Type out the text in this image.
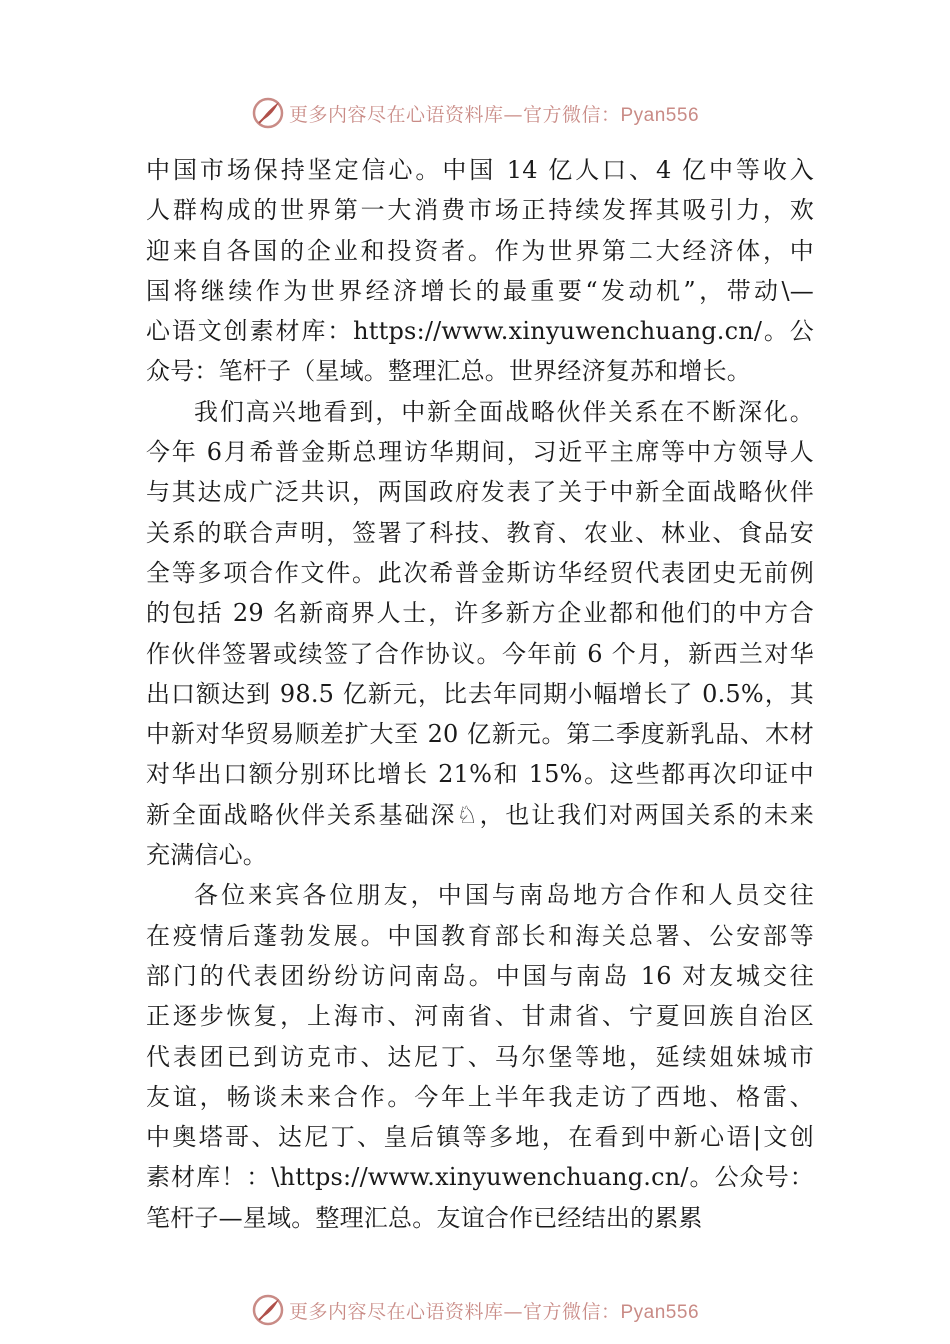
更多内容尽在心语资料库—官方微信：Pyan556
中国市场保持坚定信心。中国 14 亿人口、4 亿中等收入
人群构成的世界第一大消费市场正持续发挥其吸引力，欢
迎来自各国的企业和投资者。作为世界第二大经济体，中
国将继续作为世界经济增长的最重要“发动机”，带动\—
心语文创素材库：https://www.xinyuwenchuang.cn/。公
众号：笔杆子（星域。整理汇总。世界经济复苏和增长。
我们高兴地看到，中新全面战略伙伴关系在不断深化。
今年 6月希普金斯总理访华期间，习近平主席等中方领导人
与其达成广泛共识，两国政府发表了关于中新全面战略伙伴
关系的联合声明，签署了科技、教育、农业、林业、食品安
全等多项合作文件。此次希普金斯访华经贸代表团史无前例
的包括 29 名新商界人士，许多新方企业都和他们的中方合
作伙伴签署或续签了合作协议。今年前 6 个月，新西兰对华
出口额达到 98.5 亿新元，比去年同期小幅增长了 0.5%，其
中新对华贸易顺差扩大至 20 亿新元。第二季度新乳品、木材
对华出口额分别环比增长 21%和 15%。这些都再次印证中
新全面战略伙伴关系基础深♘，也让我们对两国关系的未来
充满信心。
各位来宾各位朋友，中国与南岛地方合作和人员交往
在疫情后蓬勃发展。中国教育部长和海关总署、公安部等
部门的代表团纷纷访问南岛。中国与南岛 16 对友城交往
正逐步恢复，上海市、河南省、甘肃省、宁夏回族自治区
代表团已到访克市、达尼丁、马尔堡等地，延续姐妹城市
友谊，畅谈未来合作。今年上半年我走访了西地、格雷、
中奥塔哥、达尼丁、皇后镇等多地，在看到中新心语|文创
素材库！：\https://www.xinyuwenchuang.cn/。公众号：
笔杆子—星域。整理汇总。友谊合作已经结出的累累
更多内容尽在心语资料库—官方微信：Pyan556
